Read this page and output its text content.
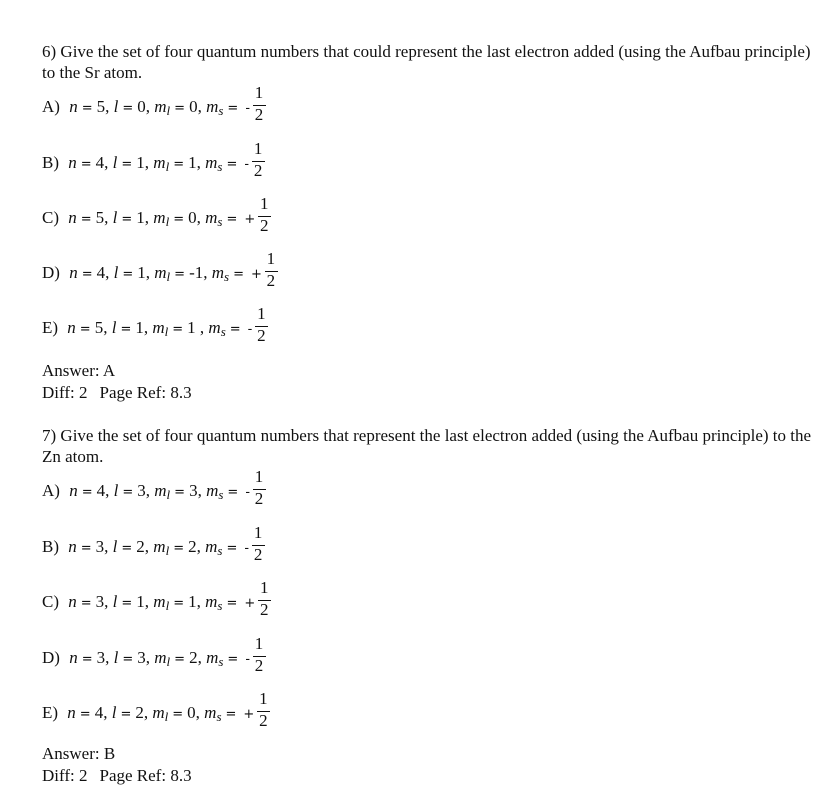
6) Give the set of four quantum numbers that could represent the last electron added (using the Aufbau principle) to the Sr atom.

A) n = 5, l = 0, $m_l = 0$, $m_s$ = - $\frac{1}{2}$
B) n = 4, l = 1, $m_l = 1$, $m_s$ = - $\frac{1}{2}$
C) n = 5, l = 1, $m_l = 0$, $m_s$ = + $\frac{1}{2}$
D) n = 4, l = 1, $m_l = -1$, $m_s$ = + $\frac{1}{2}$
E) n = 5, l = 1, $m_l = 1$ , $m_s$ = - $\frac{1}{2}$
Answer: A
Diff: 2 Page Ref: 8.3

7) Give the set of four quantum numbers that represent the last electron added (using the Aufbau principle) to the Zn atom.

A) n = 4, l = 3, $m_l = 3$, $m_s$ = - $\frac{1}{2}$
B) n = 3, l = 2, $m_l = 2$, $m_s$ = - $\frac{1}{2}$
C) n = 3, l = 1, $m_l = 1$, $m_s$ = + $\frac{1}{2}$
D) n = 3, l = 3, $m_l = 2$, $m_s$ = - $\frac{1}{2}$
E) n = 4, l = 2, $m_l = 0$, $m_s$ = + $\frac{1}{2}$
Answer: B
Diff: 2 Page Ref: 8.3
